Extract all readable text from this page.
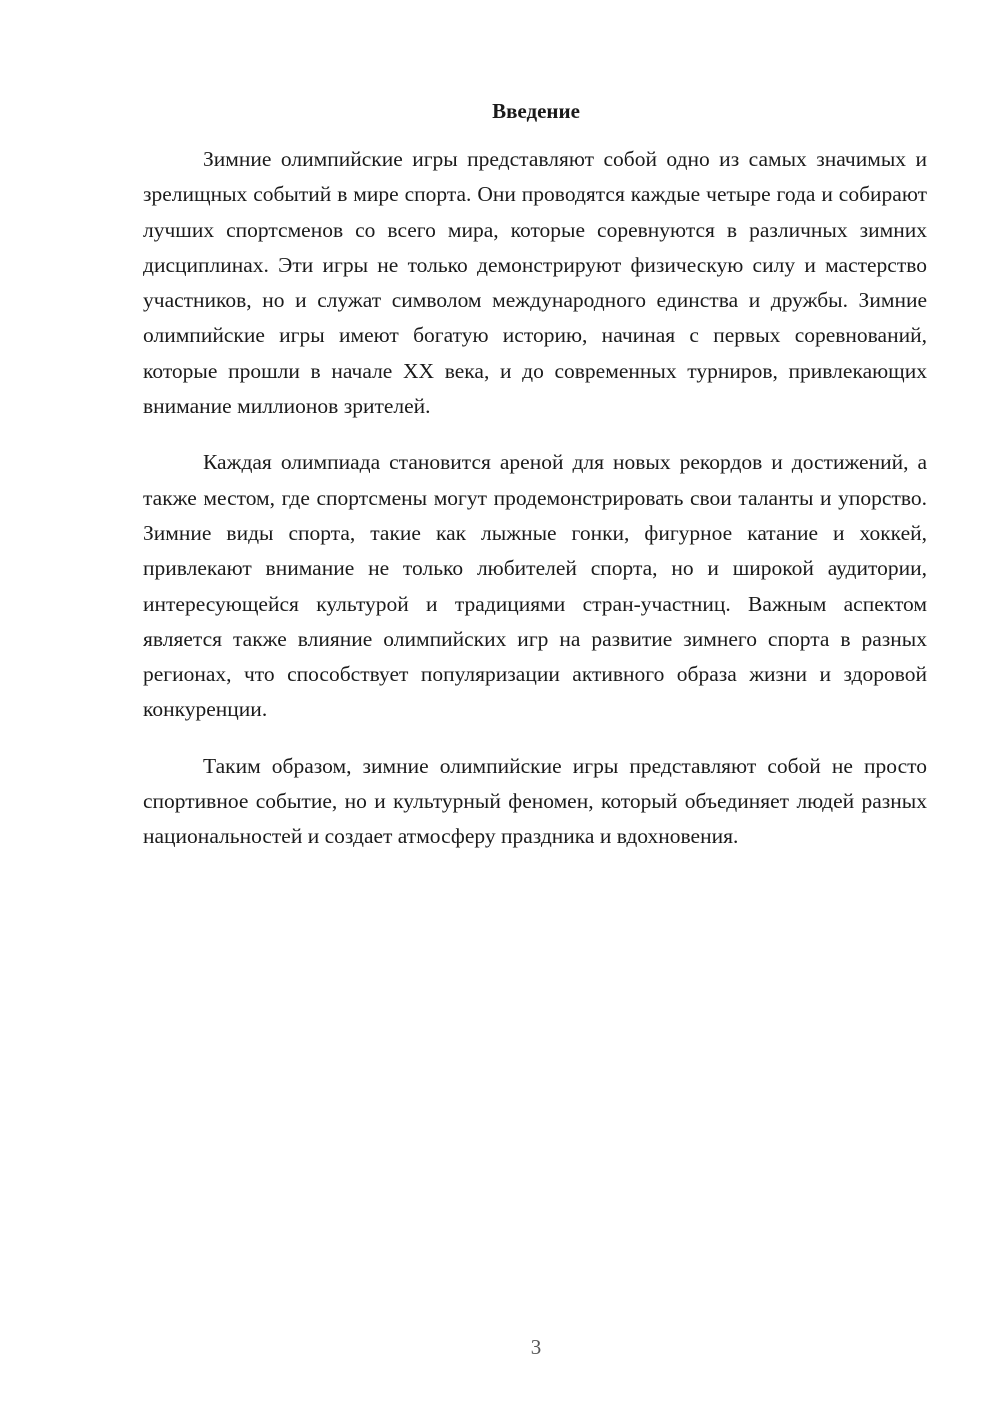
Введение

Зимние олимпийские игры представляют собой одно из самых значимых и зрелищных событий в мире спорта. Они проводятся каждые четыре года и собирают лучших спортсменов со всего мира, которые соревнуются в различных зимних дисциплинах. Эти игры не только демонстрируют физическую силу и мастерство участников, но и служат символом международного единства и дружбы. Зимние олимпийские игры имеют богатую историю, начиная с первых соревнований, которые прошли в начале XX века, и до современных турниров, привлекающих внимание миллионов зрителей.

Каждая олимпиада становится ареной для новых рекордов и достижений, а также местом, где спортсмены могут продемонстрировать свои таланты и упорство. Зимние виды спорта, такие как лыжные гонки, фигурное катание и хоккей, привлекают внимание не только любителей спорта, но и широкой аудитории, интересующейся культурой и традициями стран-участниц. Важным аспектом является также влияние олимпийских игр на развитие зимнего спорта в разных регионах, что способствует популяризации активного образа жизни и здоровой конкуренции.

Таким образом, зимние олимпийские игры представляют собой не просто спортивное событие, но и культурный феномен, который объединяет людей разных национальностей и создает атмосферу праздника и вдохновения.

3
